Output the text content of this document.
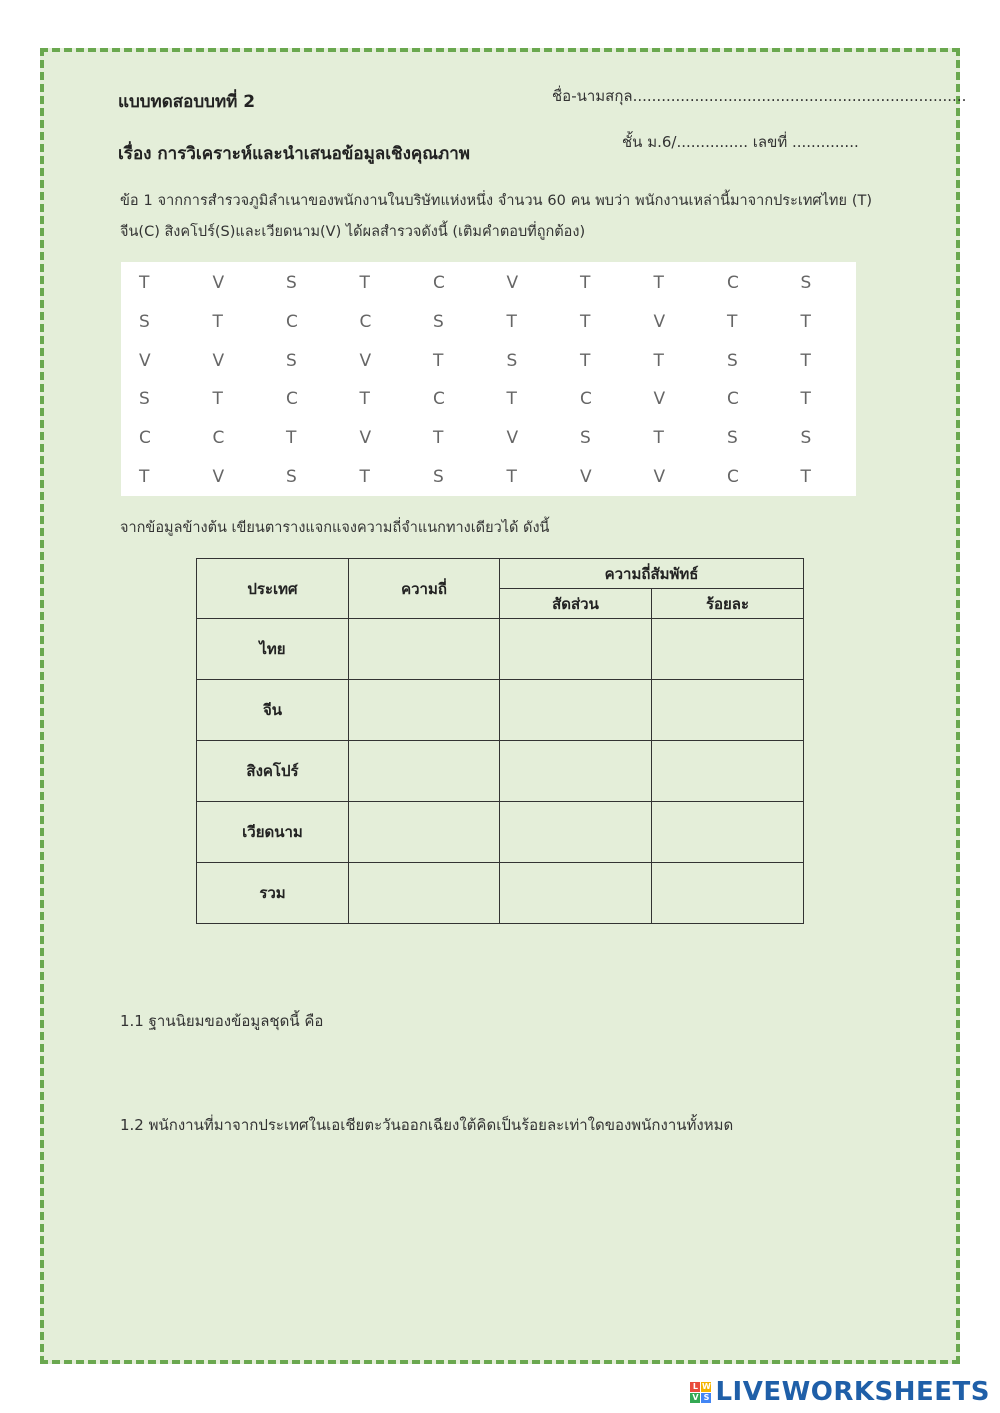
แบบทดสอบบทที่ 2	ชื่อ-นามสกุล......................................................................
เรื่อง การวิเคราะห์และนำเสนอข้อมูลเชิงคุณภาพ
ชั้น ม.6/............... เลขที่ ..............
ข้อ 1 จากการสำรวจภูมิลำเนาของพนักงานในบริษัทแห่งหนึ่ง จำนวน 60 คน พบว่า พนักงานเหล่านี้มาจากประเทศไทย (T) จีน(C) สิงคโปร์(S)และเวียดนาม(V) ได้ผลสำรวจดังนี้ (เติมคำตอบที่ถูกต้อง)
T	V	S	T	C	V	T	T	C	S
S	T	C	C	S	T	T	V	T	T
V	V	S	V	T	S	T	T	S	T
S	T	C	T	C	T	C	V	C	T
C	C	T	V	T	V	S	T	S	S
T	V	S	T	S	T	V	V	C	T
จากข้อมูลข้างต้น เขียนตารางแจกแจงความถี่จำแนกทางเดียวได้ ดังนี้
ประเทศ	ความถี่	ความถี่สัมพัทธ์	
		สัดส่วน	ร้อยละ
ไทย			
จีน			
สิงคโปร์			
เวียดนาม			
รวม			
1.1 ฐานนิยมของข้อมูลชุดนี้ คือ
1.2 พนักงานที่มาจากประเทศในเอเชียตะวันออกเฉียงใต้คิดเป็นร้อยละเท่าใดของพนักงานทั้งหมด
L W
V S LIVEWORKSHEETS
